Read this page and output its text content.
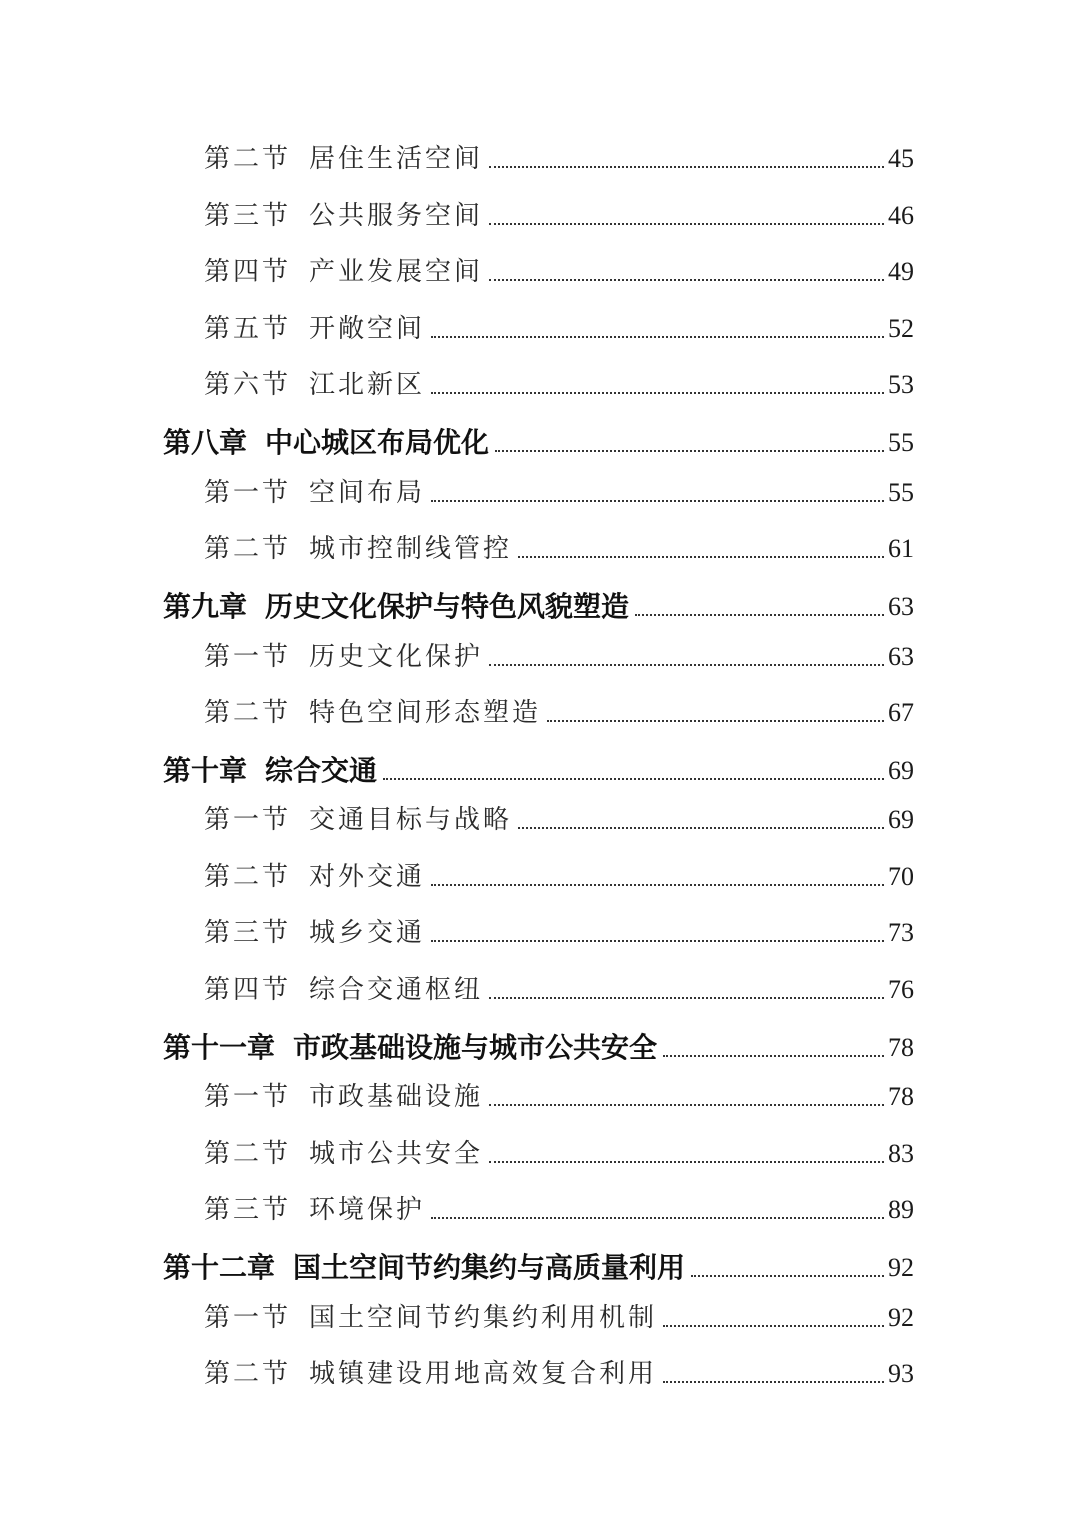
第二节 居住生活空间	45
第三节 公共服务空间	46
第四节 产业发展空间	49
第五节 开敞空间	52
第六节 江北新区	53
第八章 中心城区布局优化	55
第一节 空间布局	55
第二节 城市控制线管控	61
第九章 历史文化保护与特色风貌塑造	63
第一节 历史文化保护	63
第二节 特色空间形态塑造	67
第十章 综合交通	69
第一节 交通目标与战略	69
第二节 对外交通	70
第三节 城乡交通	73
第四节 综合交通枢纽	76
第十一章 市政基础设施与城市公共安全	78
第一节 市政基础设施	78
第二节 城市公共安全	83
第三节 环境保护	89
第十二章 国土空间节约集约与高质量利用	92
第一节 国土空间节约集约利用机制	92
第二节 城镇建设用地高效复合利用	93
